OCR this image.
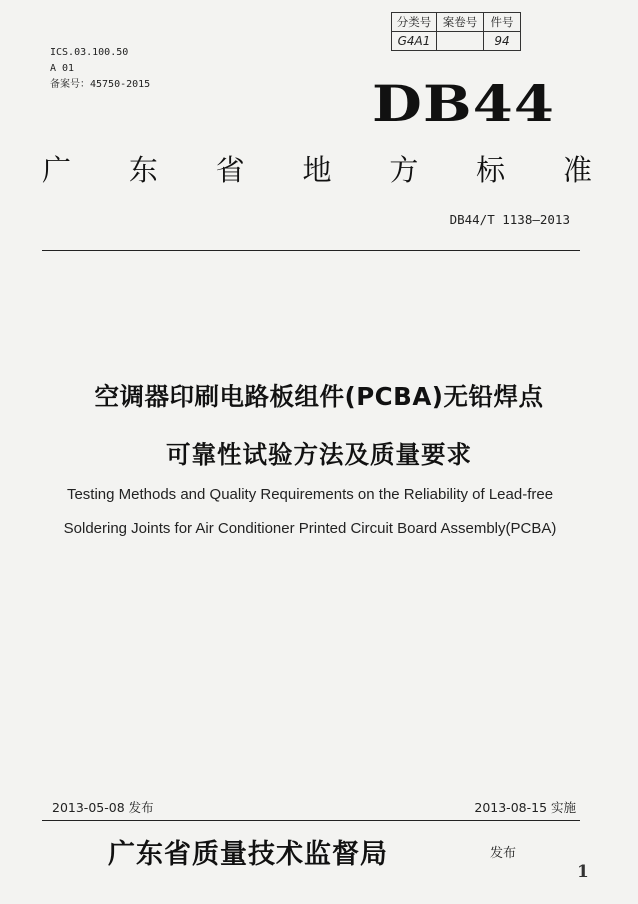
ICS.03.100.50
A 01
备案号：45750-2015
分类号	案卷号	件号
G4A1		94
DB44
广 东 省 地 方 标 准
DB44/T 1138—2013
空调器印刷电路板组件(PCBA)无铅焊点
可靠性试验方法及质量要求
Testing Methods and Quality Requirements on the Reliability of Lead-free
Soldering Joints for Air Conditioner Printed Circuit Board Assembly(PCBA)
2013-05-08 发布	2013-08-15 实施
广东省质量技术监督局	发布
1
